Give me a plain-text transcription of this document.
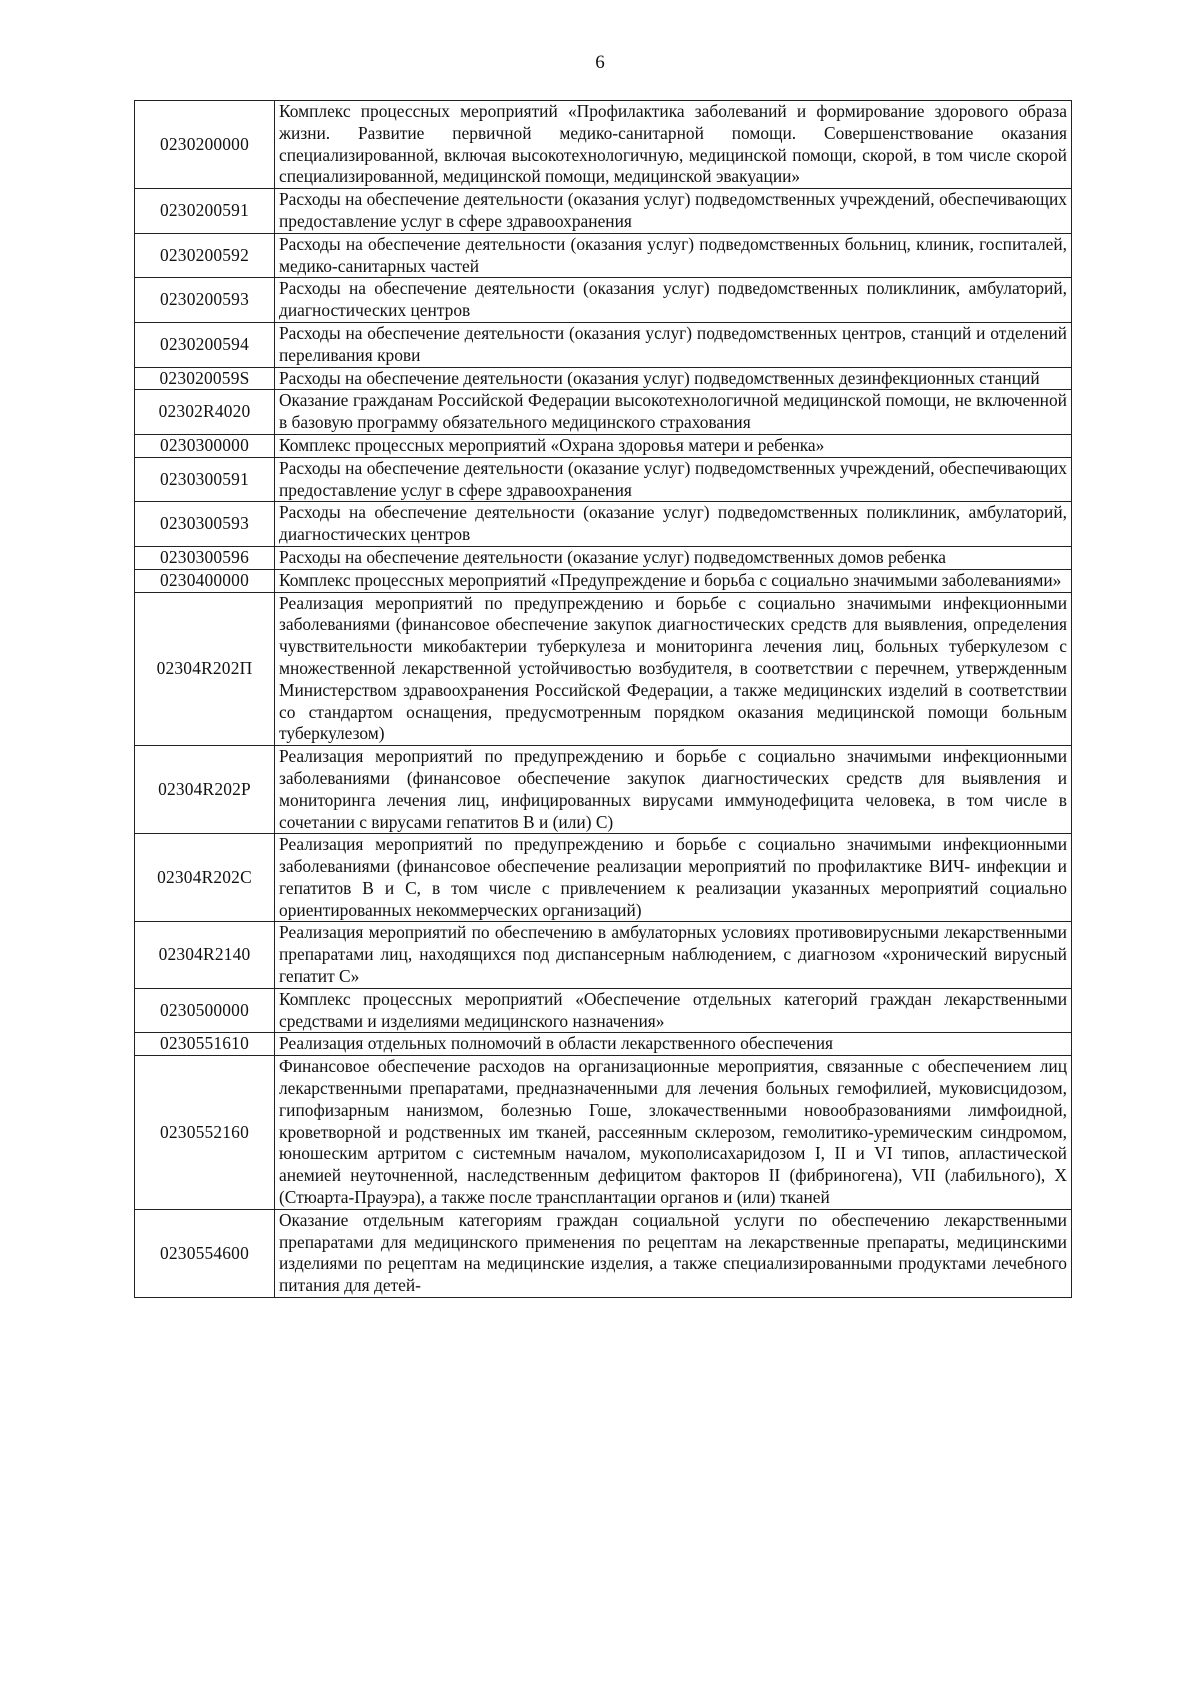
6
0230200000	Комплекс процессных мероприятий «Профилактика заболеваний и формирование здорового образа жизни. Развитие первичной медико-санитарной помощи. Совершенствование оказания специализированной, включая высокотехнологичную, медицинской помощи, скорой, в том числе скорой специализированной, медицинской помощи, медицинской эвакуации»
0230200591	Расходы на обеспечение деятельности (оказания услуг) подведомственных учреждений, обеспечивающих предоставление услуг в сфере здравоохранения
0230200592	Расходы на обеспечение деятельности (оказания услуг) подведомственных больниц, клиник, госпиталей, медико-санитарных частей
0230200593	Расходы на обеспечение деятельности (оказания услуг) подведомственных поликлиник, амбулаторий, диагностических центров
0230200594	Расходы на обеспечение деятельности (оказания услуг) подведомственных центров, станций и отделений переливания крови
023020059S	Расходы на обеспечение деятельности (оказания услуг) подведомственных дезинфекционных станций
02302R4020	Оказание гражданам Российской Федерации высокотехнологичной медицинской помощи, не включенной в базовую программу обязательного медицинского страхования
0230300000	Комплекс процессных мероприятий «Охрана здоровья матери и ребенка»
0230300591	Расходы на обеспечение деятельности (оказание услуг) подведомственных учреждений, обеспечивающих предоставление услуг в сфере здравоохранения
0230300593	Расходы на обеспечение деятельности (оказание услуг) подведомственных поликлиник, амбулаторий, диагностических центров
0230300596	Расходы на обеспечение деятельности (оказание услуг) подведомственных домов ребенка
0230400000	Комплекс процессных мероприятий «Предупреждение и борьба с социально значимыми заболеваниями»
02304R202П	Реализация мероприятий по предупреждению и борьбе с социально значимыми инфекционными заболеваниями (финансовое обеспечение закупок диагностических средств для выявления, определения чувствительности микобактерии туберкулеза и мониторинга лечения лиц, больных туберкулезом с множественной лекарственной устойчивостью возбудителя, в соответствии с перечнем, утвержденным Министерством здравоохранения Российской Федерации, а также медицинских изделий в соответствии со стандартом оснащения, предусмотренным порядком оказания медицинской помощи больным туберкулезом)
02304R202Р	Реализация мероприятий по предупреждению и борьбе с социально значимыми инфекционными заболеваниями (финансовое обеспечение закупок диагностических средств для выявления и мониторинга лечения лиц, инфицированных вирусами иммунодефицита человека, в том числе в сочетании с вирусами гепатитов В и (или) С)
02304R202С	Реализация мероприятий по предупреждению и борьбе с социально значимыми инфекционными заболеваниями (финансовое обеспечение реализации мероприятий по профилактике ВИЧ- инфекции и гепатитов В и С, в том числе с привлечением к реализации указанных мероприятий социально ориентированных некоммерческих организаций)
02304R2140	Реализация мероприятий по обеспечению в амбулаторных условиях противовирусными лекарственными препаратами лиц, находящихся под диспансерным наблюдением, с диагнозом «хронический вирусный гепатит С»
0230500000	Комплекс процессных мероприятий «Обеспечение отдельных категорий граждан лекарственными средствами и изделиями медицинского назначения»
0230551610	Реализация отдельных полномочий в области лекарственного обеспечения
0230552160	Финансовое обеспечение расходов на организационные мероприятия, связанные с обеспечением лиц лекарственными препаратами, предназначенными для лечения больных гемофилией, муковисцидозом, гипофизарным нанизмом, болезнью Гоше, злокачественными новообразованиями лимфоидной, кроветворной и родственных им тканей, рассеянным склерозом, гемолитико-уремическим синдромом, юношеским артритом с системным началом, мукополисахаридозом I, II и VI типов, апластической анемией неуточненной, наследственным дефицитом факторов II (фибриногена), VII (лабильного), X (Стюарта-Прауэра), а также после трансплантации органов и (или) тканей
0230554600	Оказание отдельным категориям граждан социальной услуги по обеспечению лекарственными препаратами для медицинского применения по рецептам на лекарственные препараты, медицинскими изделиями по рецептам на медицинские изделия, а также специализированными продуктами лечебного питания для детей-
